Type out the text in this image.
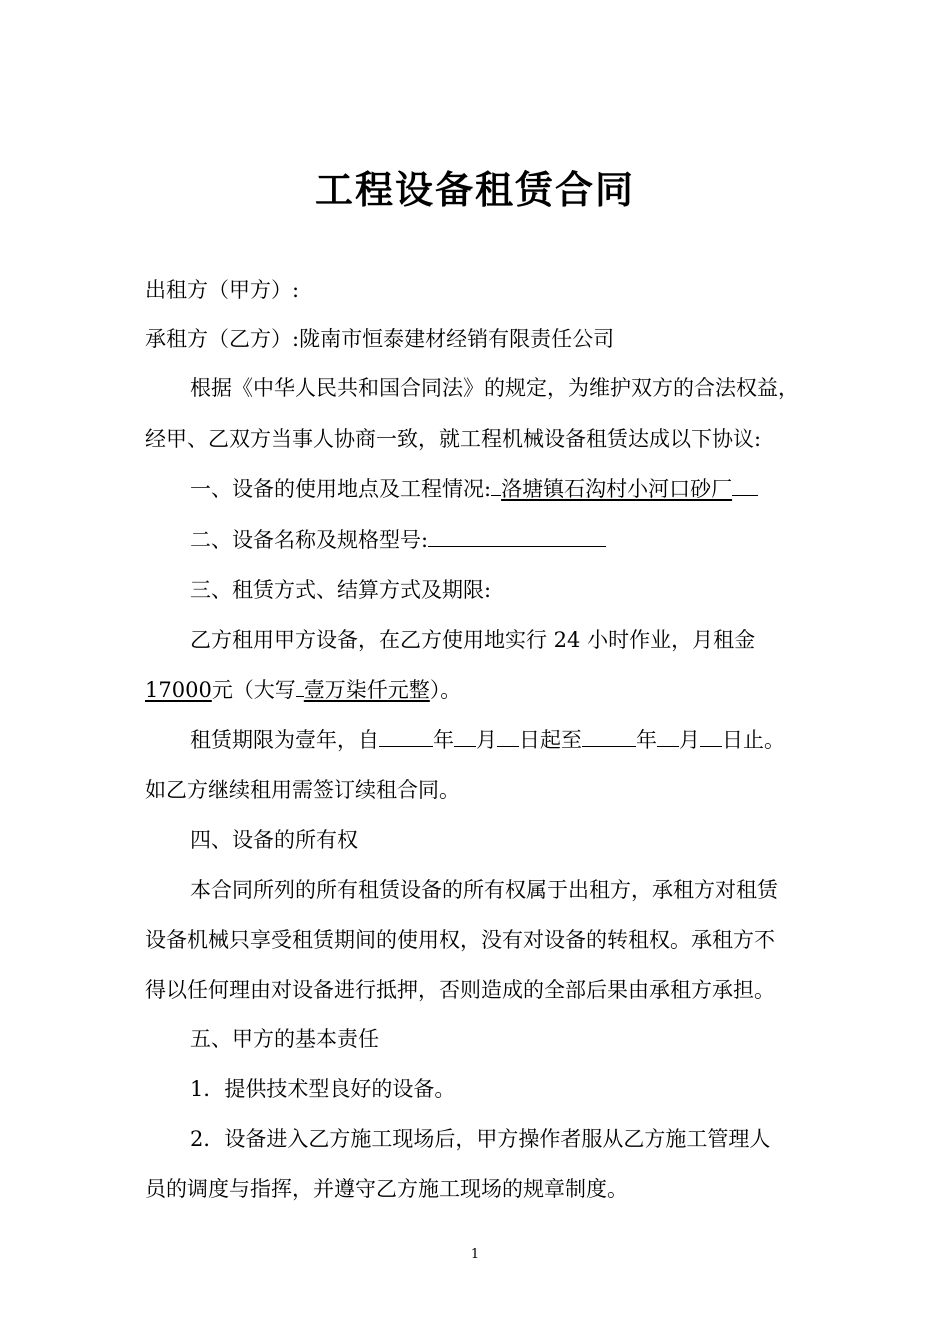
工程设备租赁合同
出租方（甲方）:
承租方（乙方）:陇南市恒泰建材经销有限责任公司
根据《中华人民共和国合同法》的规定，为维护双方的合法权益，
经甲、乙双方当事人协商一致，就工程机械设备租赁达成以下协议:
一、设备的使用地点及工程情况: 洛塘镇石沟村小河口砂厂
二、设备名称及规格型号:
三、租赁方式、结算方式及期限:
乙方租用甲方设备，在乙方使用地实行 24 小时作业，月租金
17000元（大写 壹万柒仟元整）。
租赁期限为壹年，自	年 月 日起至	年 月 日止。
如乙方继续租用需签订续租合同。
四、设备的所有权
本合同所列的所有租赁设备的所有权属于出租方，承租方对租赁
设备机械只享受租赁期间的使用权，没有对设备的转租权。承租方不
得以任何理由对设备进行抵押，否则造成的全部后果由承租方承担。
五、甲方的基本责任
1．提供技术型良好的设备。
2．设备进入乙方施工现场后，甲方操作者服从乙方施工管理人
员的调度与指挥，并遵守乙方施工现场的规章制度。
1
